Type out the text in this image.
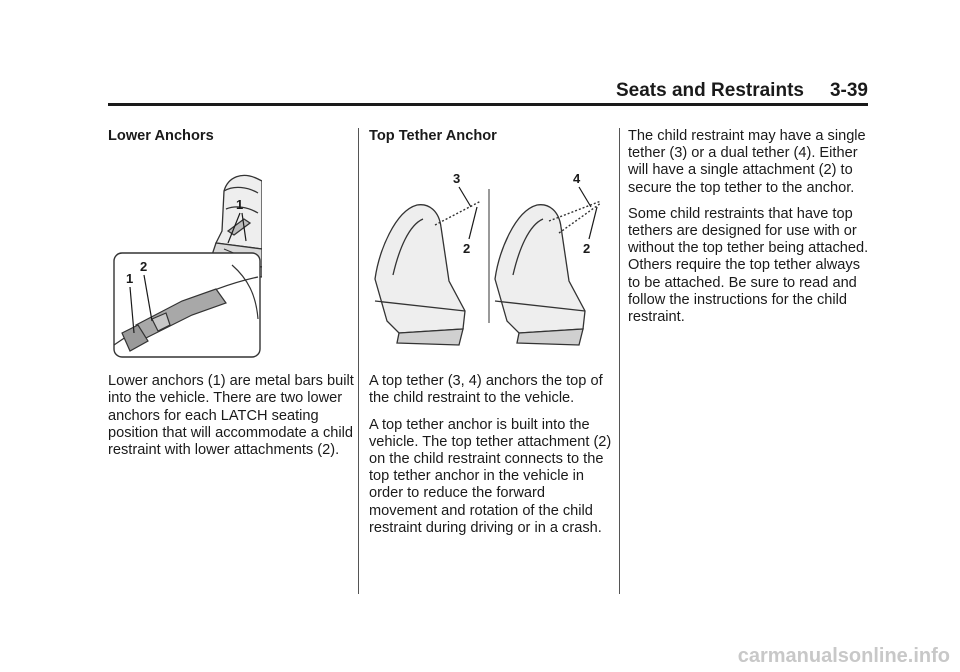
Seats and Restraints 3-39

Lower Anchors

1
2
1

Lower anchors (1) are metal bars built into the vehicle. There are two lower anchors for each LATCH seating position that will accommodate a child restraint with lower attachments (2).

Top Tether Anchor

3
2
4
2

A top tether (3, 4) anchors the top of the child restraint to the vehicle.

A top tether anchor is built into the vehicle. The top tether attachment (2) on the child restraint connects to the top tether anchor in the vehicle in order to reduce the forward movement and rotation of the child restraint during driving or in a crash.

The child restraint may have a single tether (3) or a dual tether (4). Either will have a single attachment (2) to secure the top tether to the anchor.

Some child restraints that have top tethers are designed for use with or without the top tether being attached. Others require the top tether always to be attached. Be sure to read and follow the instructions for the child restraint.

carmanualsonline.info
